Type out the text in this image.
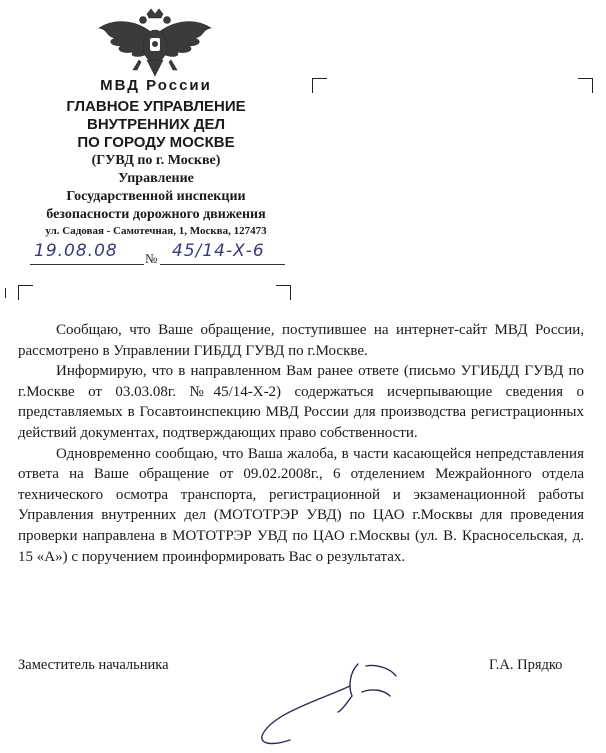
МВД России
ГЛАВНОЕ УПРАВЛЕНИЕ
ВНУТРЕННИХ ДЕЛ
ПО ГОРОДУ МОСКВЕ
(ГУВД по г. Москве)
Управление
Государственной инспекции
безопасности дорожного движения
ул. Садовая - Самотечная, 1, Москва, 127473
19.08.08	№ 45/14-Х-6

Сообщаю, что Ваше обращение, поступившее на интернет-сайт МВД России, рассмотрено в Управлении ГИБДД ГУВД по г.Москве.

Информирую, что в направленном Вам ранее ответе (письмо УГИБДД ГУВД по г.Москве от 03.03.08г. №45/14-Х-2) содержаться исчерпывающие сведения о представляемых в Госавтоинспекцию МВД России для производства регистрационных действий документах, подтверждающих право собственности.

Одновременно сообщаю, что Ваша жалоба, в части касающейся непредставления ответа на Ваше обращение от 09.02.2008г., 6 отделением Межрайонного отдела технического осмотра транспорта, регистрационной и экзаменационной работы Управления внутренних дел (МОТОТРЭР УВД) по ЦАО г.Москвы для проведения проверки направлена в МОТОТРЭР УВД по ЦАО г.Москвы (ул. В. Красносельская, д. 15 «А») с поручением проинформировать Вас о результатах.

Заместитель начальника	Г.А. Прядко
